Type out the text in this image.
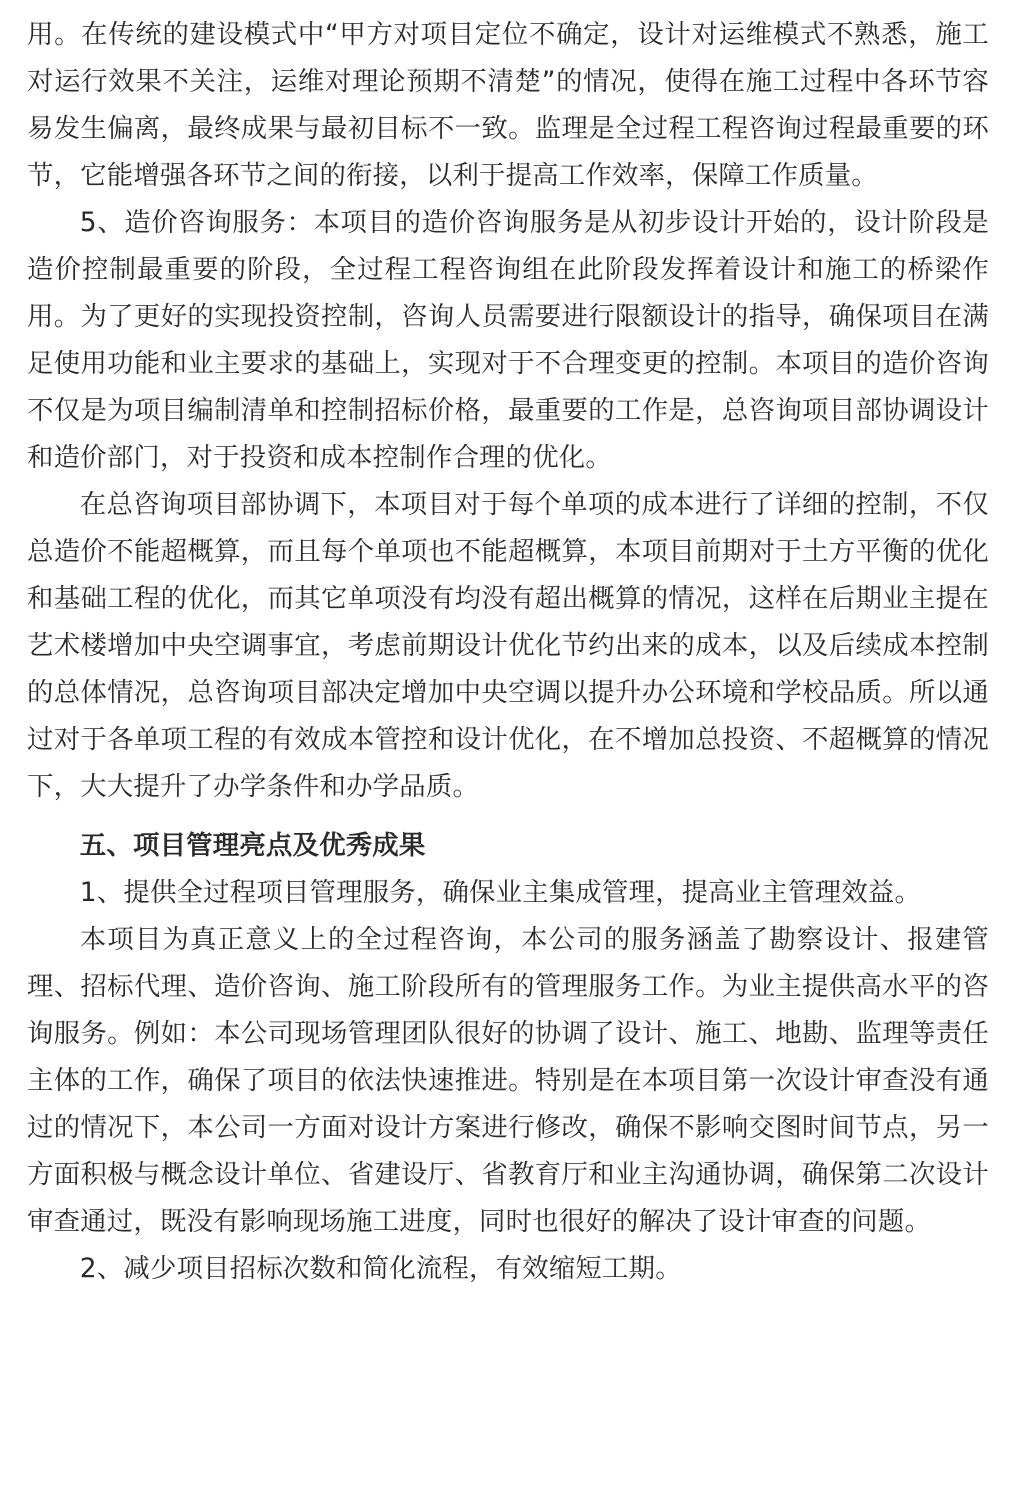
用。在传统的建设模式中“甲方对项目定位不确定，设计对运维模式不熟悉，施工对运行效果不关注，运维对理论预期不清楚”的情况，使得在施工过程中各环节容易发生偏离，最终成果与最初目标不一致。监理是全过程工程咨询过程最重要的环节，它能增强各环节之间的衔接，以利于提高工作效率，保障工作质量。

5、造价咨询服务：本项目的造价咨询服务是从初步设计开始的，设计阶段是造价控制最重要的阶段，全过程工程咨询组在此阶段发挥着设计和施工的桥梁作用。为了更好的实现投资控制，咨询人员需要进行限额设计的指导，确保项目在满足使用功能和业主要求的基础上，实现对于不合理变更的控制。本项目的造价咨询不仅是为项目编制清单和控制招标价格，最重要的工作是，总咨询项目部协调设计和造价部门，对于投资和成本控制作合理的优化。

在总咨询项目部协调下，本项目对于每个单项的成本进行了详细的控制，不仅总造价不能超概算，而且每个单项也不能超概算，本项目前期对于土方平衡的优化和基础工程的优化，而其它单项没有均没有超出概算的情况，这样在后期业主提在艺术楼增加中央空调事宜，考虑前期设计优化节约出来的成本，以及后续成本控制的总体情况，总咨询项目部决定增加中央空调以提升办公环境和学校品质。所以通过对于各单项工程的有效成本管控和设计优化，在不增加总投资、不超概算的情况下，大大提升了办学条件和办学品质。

五、项目管理亮点及优秀成果

1、提供全过程项目管理服务，确保业主集成管理，提高业主管理效益。

本项目为真正意义上的全过程咨询，本公司的服务涵盖了勘察设计、报建管理、招标代理、造价咨询、施工阶段所有的管理服务工作。为业主提供高水平的咨询服务。例如：本公司现场管理团队很好的协调了设计、施工、地勘、监理等责任主体的工作，确保了项目的依法快速推进。特别是在本项目第一次设计审查没有通过的情况下，本公司一方面对设计方案进行修改，确保不影响交图时间节点，另一方面积极与概念设计单位、省建设厅、省教育厅和业主沟通协调，确保第二次设计审查通过，既没有影响现场施工进度，同时也很好的解决了设计审查的问题。

2、减少项目招标次数和简化流程，有效缩短工期。
